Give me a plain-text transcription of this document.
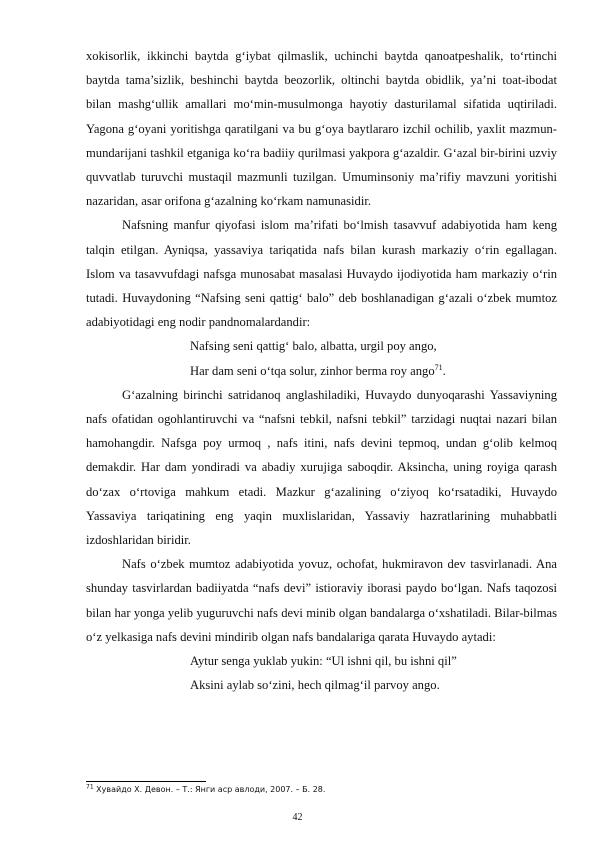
xokisorlik, ikkinchi baytda g‘iybat qilmaslik, uchinchi baytda qanoatpeshalik, to‘rtinchi baytda tama’sizlik, beshinchi baytda beozorlik, oltinchi baytda obidlik, ya’ni toat-ibodat bilan mashg‘ullik amallari mo‘min-musulmonga hayotiy dasturilamal sifatida uqtiriladi. Yagona g‘oyani yoritishga qaratilgani va bu g‘oya baytlararo izchil ochilib, yaxlit mazmun-mundarijani tashkil etganiga ko‘ra badiiy qurilmasi yakpora g‘azaldir. G‘azal bir-birini uzviy quvvatlab turuvchi mustaqil mazmunli tuzilgan. Umuminsoniy ma’rifiy mavzuni yoritishi nazaridan, asar orifona g‘azalning ko‘rkam namunasidir.

Nafsning manfur qiyofasi islom ma’rifati bo‘lmish tasavvuf adabiyotida ham keng talqin etilgan. Ayniqsa, yassaviya tariqatida nafs bilan kurash markaziy o‘rin egallagan. Islom va tasavvufdagi nafsga munosabat masalasi Huvaydo ijodiyotida ham markaziy o‘rin tutadi. Huvaydoning “Nafsing seni qattig‘ balo” deb boshlanadigan g‘azali o‘zbek mumtoz adabiyotidagi eng nodir pandnomalardandir:

Nafsing seni qattig‘ balo, albatta, urgil poy ango,

Har dam seni o‘tqa solur, zinhor berma roy ango$^{71}$.

G‘azalning birinchi satridanoq anglashiladiki, Huvaydo dunyoqarashi Yassaviyning nafs ofatidan ogohlantiruvchi va “nafsni tebkil, nafsni tebkil” tarzidagi nuqtai nazari bilan hamohangdir. Nafsga poy urmoq , nafs itini, nafs devini tepmoq, undan g‘olib kelmoq demakdir. Har dam yondiradi va abadiy xurujiga saboqdir. Aksincha, uning royiga qarash do‘zax o‘rtoviga mahkum etadi. Mazkur g‘azalining o‘ziyoq ko‘rsatadiki, Huvaydo Yassaviya tariqatining eng yaqin muxlislaridan, Yassaviy hazratlarining muhabbatli izdoshlaridan biridir.

Nafs o‘zbek mumtoz adabiyotida yovuz, ochofat, hukmiravon dev tasvirlanadi. Ana shunday tasvirlardan badiiyatda “nafs devi” istioraviy iborasi paydo bo‘lgan. Nafs taqozosi bilan har yonga yelib yuguruvchi nafs devi minib olgan bandalarga o‘xshatiladi. Bilar-bilmas o‘z yelkasiga nafs devini mindirib olgan nafs bandalariga qarata Huvaydo aytadi:

Aytur senga yuklab yukin: “Ul ishni qil, bu ishni qil”

Aksini aylab so‘zini, hech qilmag‘il parvoy ango.

$^{71}$ Хувайдо Х. Девон. – Т.: Янги аср авлоди, 2007. – Б. 28.
42
